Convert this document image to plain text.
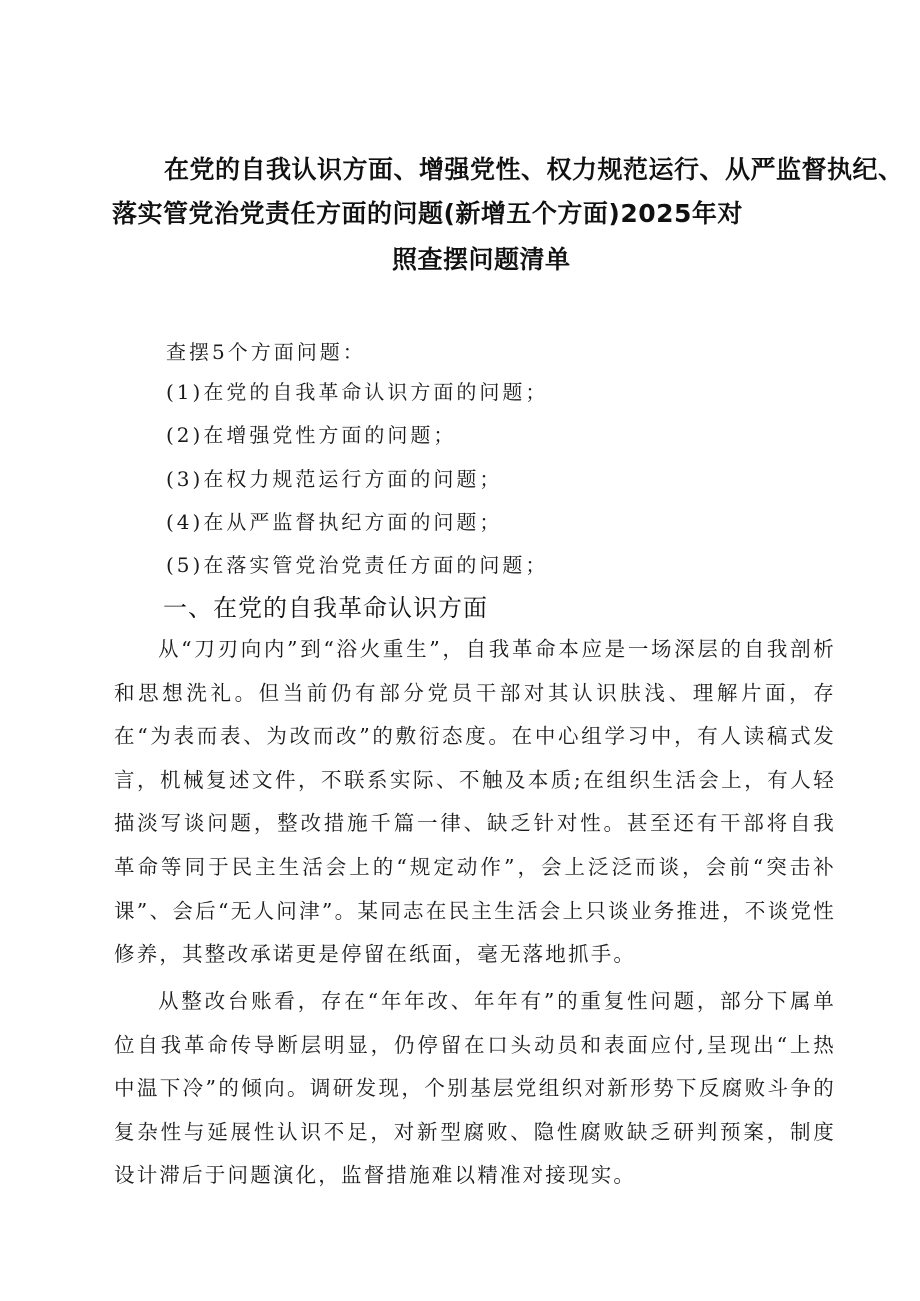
在党的自我认识方面、增强党性、权力规范运行、从严监督执纪、
落实管党治党责任方面的问题(新增五个方面)2025年对
照查摆问题清单
查摆5个方面问题：
(1)在党的自我革命认识方面的问题；
(2)在增强党性方面的问题；
(3)在权力规范运行方面的问题；
(4)在从严监督执纪方面的问题；
(5)在落实管党治党责任方面的问题；
一、在党的自我革命认识方面

从“刀刃向内”到“浴火重生”，自我革命本应是一场深层的自我剖析和思想洗礼。但当前仍有部分党员干部对其认识肤浅、理解片面，存在“为表而表、为改而改”的敷衍态度。在中心组学习中，有人读稿式发言，机械复述文件，不联系实际、不触及本质;在组织生活会上，有人轻描淡写谈问题，整改措施千篇一律、缺乏针对性。甚至还有干部将自我革命等同于民主生活会上的“规定动作”，会上泛泛而谈，会前“突击补课”、会后“无人问津”。某同志在民主生活会上只谈业务推进，不谈党性修养，其整改承诺更是停留在纸面，毫无落地抓手。

从整改台账看，存在“年年改、年年有”的重复性问题，部分下属单位自我革命传导断层明显，仍停留在口头动员和表面应付,呈现出“上热中温下冷”的倾向。调研发现，个别基层党组织对新形势下反腐败斗争的复杂性与延展性认识不足，对新型腐败、隐性腐败缺乏研判预案，制度设计滞后于问题演化，监督措施难以精准对接现实。
